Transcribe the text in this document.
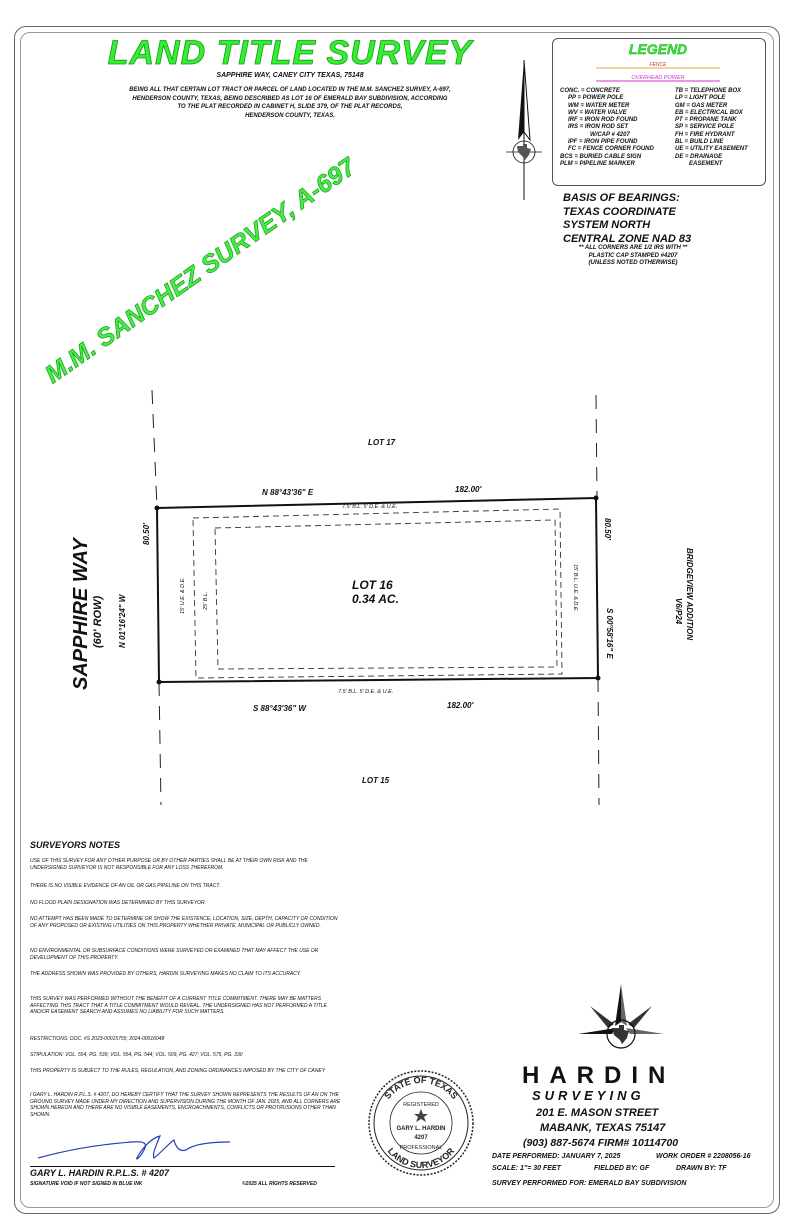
LAND TITLE SURVEY
SAPPHIRE WAY, CANEY CITY TEXAS, 75148
BEING ALL THAT CERTAIN LOT TRACT OR PARCEL OF LAND LOCATED IN THE M.M. SANCHEZ SURVEY, A-697,
HENDERSON COUNTY, TEXAS, BEING DESCRIBED AS LOT 16 OF EMERALD BAY SUBDIVISION, ACCORDING
TO THE PLAT RECORDED IN CABINET H, SLIDE 379, OF THE PLAT RECORDS,
HENDERSON COUNTY, TEXAS.
LEGEND
FENCE
OVERHEAD POWER
CONC. = CONCRETE
PP = POWER POLE
WM = WATER METER
WV = WATER VALVE
IRF = IRON ROD FOUND
IRS = IRON ROD SET
W/CAP # 4207
IPF = IRON PIPE FOUND
FC = FENCE CORNER FOUND
BCS = BURIED CABLE SIGN
PLM = PIPELINE MARKER
TB = TELEPHONE BOX
LP = LIGHT POLE
GM = GAS METER
EB = ELECTRICAL BOX
PT = PROPANE TANK
SP = SERVICE POLE
FH = FIRE HYDRANT
BL = BUILD LINE
UE = UTILITY EASEMENT
DE = DRAINAGE
EASEMENT
BASIS OF BEARINGS:
TEXAS COORDINATE
SYSTEM NORTH
CENTRAL ZONE NAD 83
** ALL CORNERS ARE 1/2 IRS WITH **
PLASTIC CAP STAMPED #4207
(UNLESS NOTED OTHERWISE)
M.M. SANCHEZ SURVEY, A-697
LOT 17
LOT 15
LOT 16
0.34 AC.
N 88°43'36" E	182.00'
S 88°43'36" W	182.00'
7.5' B.L. 5' D.E. & U.E.
7.5' B.L. 5' D.E. & U.E.
N 01°16'24" W
80.50'
15' U.E. & D.E.	25' B.L.
S 00°58'16" E
80.50'
15' B.L. U.E. & D.E.
SAPPHIRE WAY (60' ROW)	BRIDGEVIEW ADDITION
V6/P24
SURVEYORS NOTES
USE OF THIS SURVEY FOR ANY OTHER PURPOSE OR BY OTHER PARTIES SHALL BE AT THEIR OWN RISK AND THE UNDERSIGNED SURVEYOR IS NOT RESPONSIBLE FOR ANY LOSS THEREFROM.
THERE IS NO VISIBLE EVIDENCE OF AN OIL OR GAS PIPELINE ON THIS TRACT.
NO FLOOD PLAIN DESIGNATION WAS DETERMINED BY THIS SURVEYOR.
NO ATTEMPT HAS BEEN MADE TO DETERMINE OR SHOW THE EXISTENCE, LOCATION, SIZE, DEPTH, CAPACITY OR CONDITION OF ANY PROPOSED OR EXISTING UTILITIES ON THIS PROPERTY WHETHER PRIVATE, MUNICIPAL OR PUBLICLY OWNED.
NO ENVIRONMENTAL OR SUBSURFACE CONDITIONS WERE SURVEYED OR EXAMINED THAT MAY AFFECT THE USE OR DEVELOPMENT OF THIS PROPERTY.
THE ADDRESS SHOWN WAS PROVIDED BY OTHERS, HARDIN SURVEYING MAKES NO CLAIM TO ITS ACCURACY.
THIS SURVEY WAS PERFORMED WITHOUT THE BENEFIT OF A CURRENT TITLE COMMITMENT. THERE MAY BE MATTERS AFFECTING THIS TRACT THAT A TITLE COMMITMENT WOULD REVEAL. THE UNDERSIGNED HAS NOT PERFORMED A TITLE AND/OR EASEMENT SEARCH AND ASSUMES NO LIABILITY FOR SUCH MATTERS.
RESTRICTIONS: DOC. #S 2023-00015755; 2024-00016048
STIPULATION: VOL. 554, PG. 539; VOL. 554, PG. 544; VOL. 509, PG. 427; VOL. 575, PG. 330
THIS PROPERTY IS SUBJECT TO THE RULES, REGULATION, AND ZONING ORDINANCES IMPOSED BY THE CITY OF CANEY
I GARY L. HARDIN R.P.L.S. # 4207, DO HEREBY CERTIFY THAT THE SURVEY SHOWN REPRESENTS THE RESULTS OF AN ON THE GROUND SURVEY MADE UNDER MY DIRECTION AND SUPERVISION DURING THE MONTH OF JAN. 2025, AND ALL CORNERS ARE SHOWN HEREON AND THERE ARE NO VISIBLE EASEMENTS, ENCROACHMENTS, CONFLICTS OR PROTRUSIONS OTHER THAN SHOWN.
GARY L. HARDIN R.P.L.S. # 4207
SIGNATURE VOID IF NOT SIGNED IN BLUE INK	©2025 ALL RIGHTS RESERVED
STATE OF TEXAS
LAND SURVEYOR
REGISTERED
GARY L. HARDIN
4207
PROFESSIONAL
HARDIN
SURVEYING
201 E. MASON STREET
MABANK, TEXAS 75147
(903) 887-5674 FIRM# 10114700
DATE PERFORMED: JANUARY 7, 2025	WORK ORDER # 2208056-16
SCALE: 1"= 30 FEET	FIELDED BY: GF	DRAWN BY: TF
SURVEY PERFORMED FOR: EMERALD BAY SUBDIVISION
